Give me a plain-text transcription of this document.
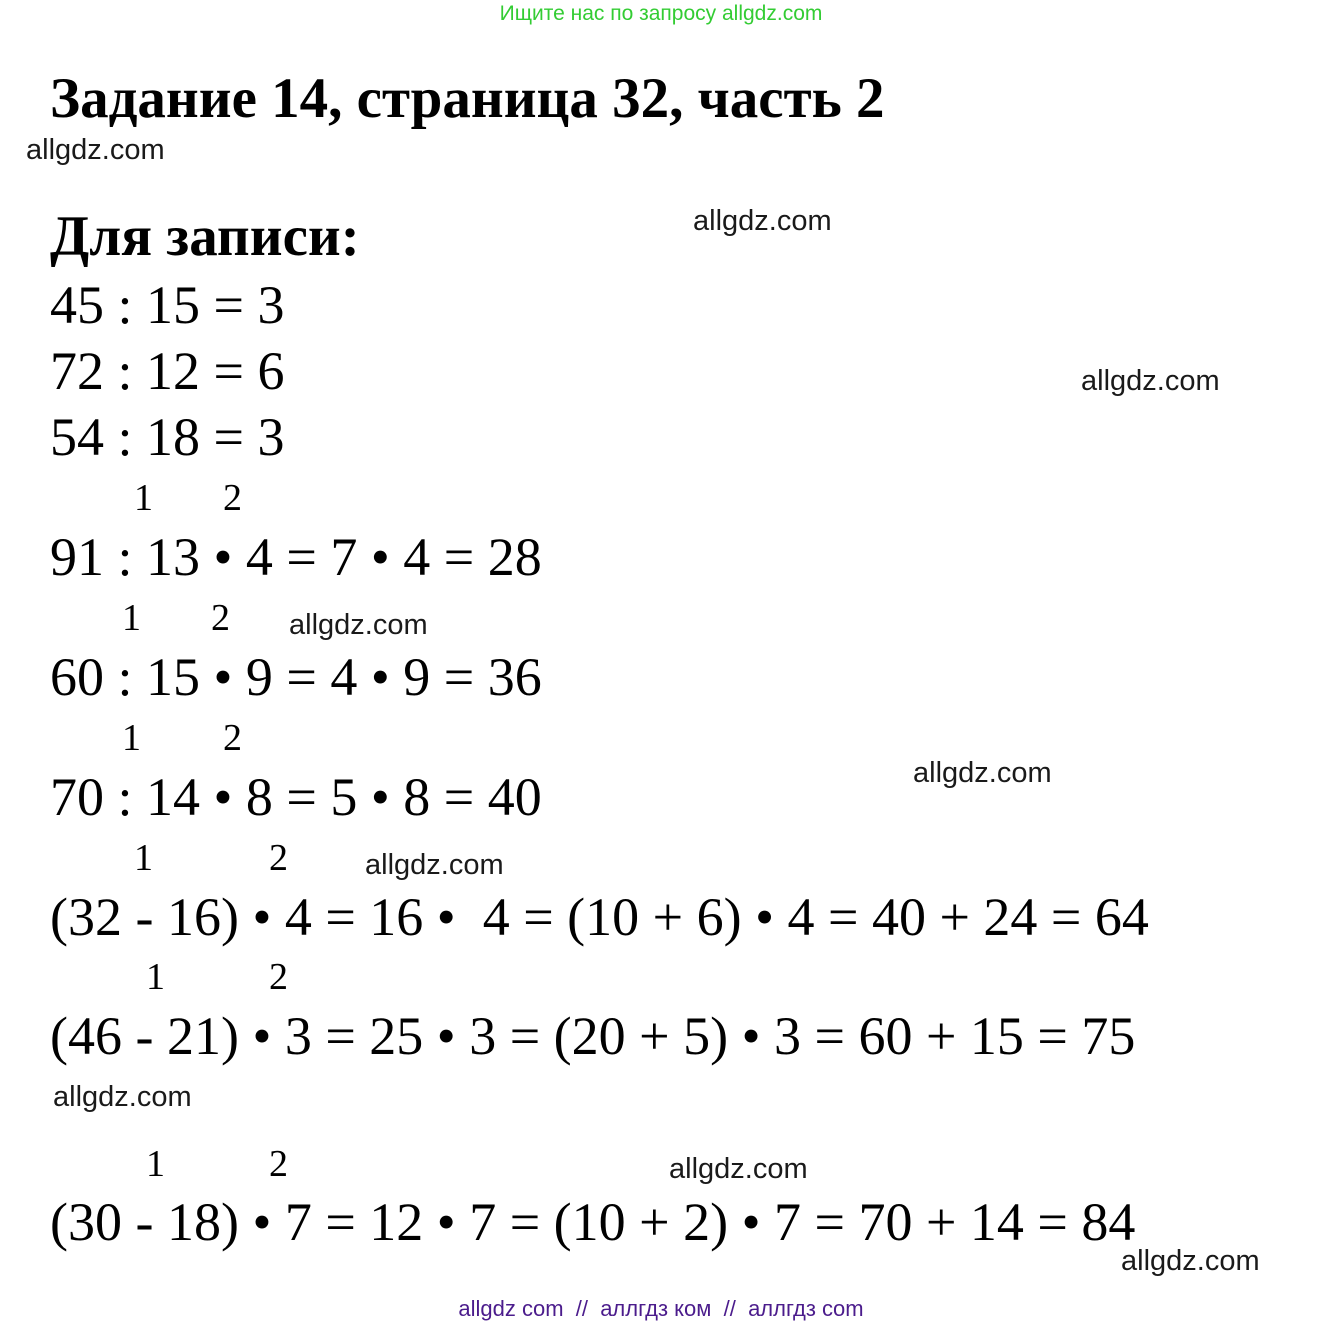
Ищите нас по запросу allgdz.com
Задание 14, страница 32, часть 2
allgdz.com
Для записи:	allgdz.com
45 : 15 = 3
72 : 12 = 6	allgdz.com
54 : 18 = 3
1 2
91 : 13 • 4 = 7 • 4 = 28
1 2 allgdz.com
60 : 15 • 9 = 4 • 9 = 36
1 2
allgdz.com
70 : 14 • 8 = 5 • 8 = 40
1	2	allgdz.com
(32 - 16) • 4 = 16 •  4 = (10 + 6) • 4 = 40 + 24 = 64
1	2
(46 - 21) • 3 = 25 • 3 = (20 + 5) • 3 = 60 + 15 = 75
allgdz.com
1	2	allgdz.com
(30 - 18) • 7 = 12 • 7 = (10 + 2) • 7 = 70 + 14 = 84
allgdz.com
allgdz com  //  аллгдз ком  //  аллгдз com
